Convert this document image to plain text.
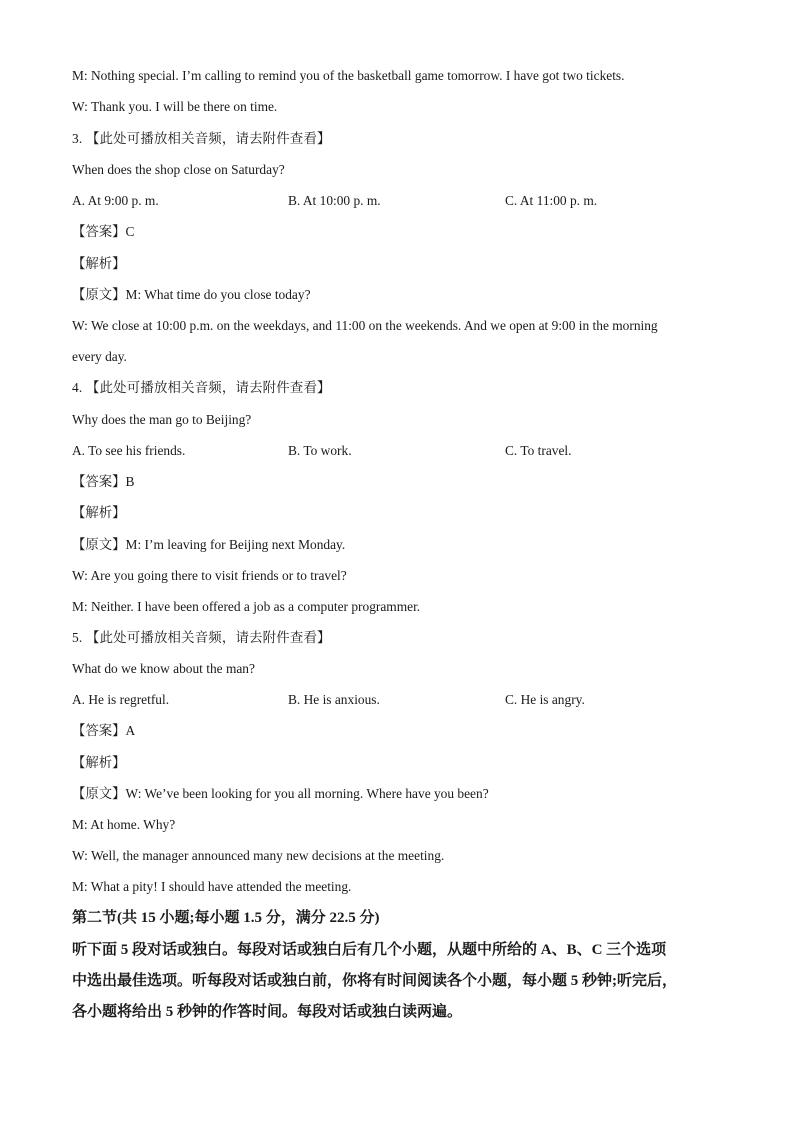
M: Nothing special. I’m calling to remind you of the basketball game tomorrow. I have got two tickets.
W: Thank you. I will be there on time.
3. 【此处可播放相关音频，请去附件查看】
When does the shop close on Saturday?
A. At 9:00 p. m.	B. At 10:00 p. m.	C. At 11:00 p. m.
【答案】C
【解析】
【原文】M: What time do you close today?
W: We close at 10:00 p.m. on the weekdays, and 11:00 on the weekends. And we open at 9:00 in the morning
every day.
4. 【此处可播放相关音频，请去附件查看】
Why does the man go to Beijing?
A. To see his friends.	B. To work.	C. To travel.
【答案】B
【解析】
【原文】M: I’m leaving for Beijing next Monday.
W: Are you going there to visit friends or to travel?
M: Neither. I have been offered a job as a computer programmer.
5. 【此处可播放相关音频，请去附件查看】
What do we know about the man?
A. He is regretful.	B. He is anxious.	C. He is angry.
【答案】A
【解析】
【原文】W: We’ve been looking for you all morning. Where have you been?
M: At home. Why?
W: Well, the manager announced many new decisions at the meeting.
M: What a pity! I should have attended the meeting.
第二节(共 15 小题;每小题 1.5 分，满分 22.5 分)
听下面 5 段对话或独白。每段对话或独白后有几个小题，从题中所给的 A、B、C 三个选项
中选出最佳选项。听每段对话或独白前，你将有时间阅读各个小题，每小题 5 秒钟;听完后，
各小题将给出 5 秒钟的作答时间。每段对话或独白读两遍。
